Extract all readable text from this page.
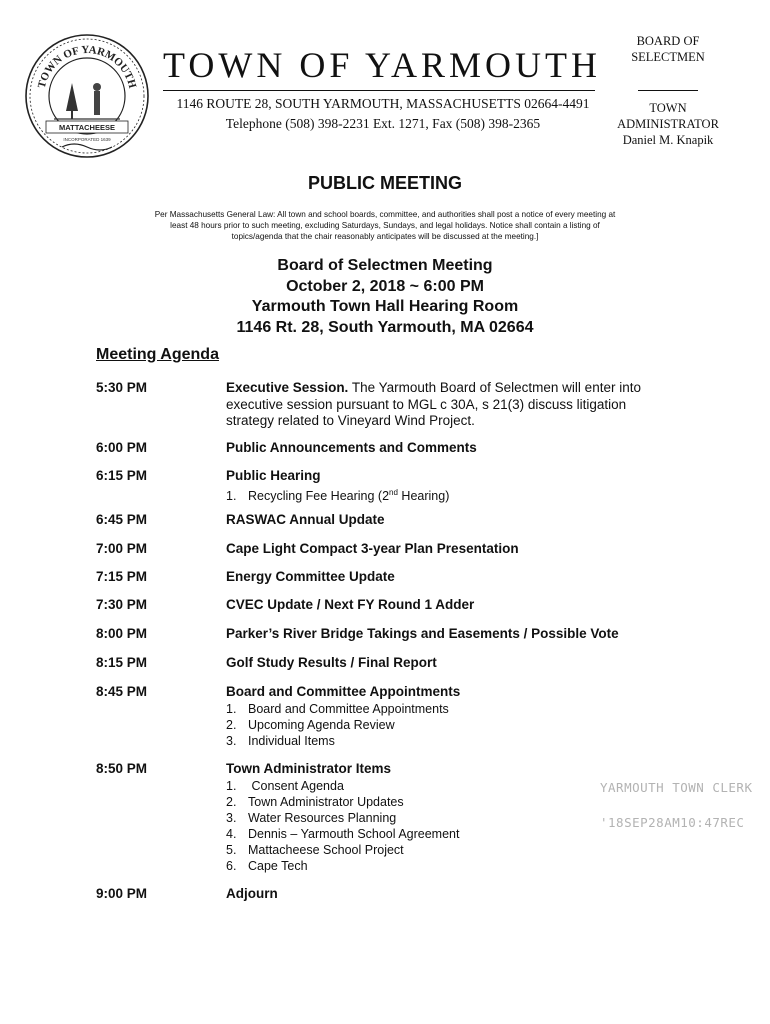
TOWN OF YARMOUTH
MATTACHEESE
INCORPORATED 1639
TOWN OF YARMOUTH
1146 ROUTE 28, SOUTH YARMOUTH, MASSACHUSETTS 02664-4491
Telephone (508) 398-2231 Ext. 1271, Fax (508) 398-2365
BOARD OF
SELECTMEN
TOWN
ADMINISTRATOR
Daniel M. Knapik
PUBLIC MEETING
Per Massachusetts General Law: All town and school boards, committee, and authorities shall post a notice of every meeting at
least 48 hours prior to such meeting, excluding Saturdays, Sundays, and legal holidays. Notice shall contain a listing of
topics/agenda that the chair reasonably anticipates will be discussed at the meeting.]
Board of Selectmen Meeting
October 2, 2018 ~ 6:00 PM
Yarmouth Town Hall Hearing Room
1146 Rt. 28, South Yarmouth, MA 02664
Meeting Agenda
5:30 PM	Executive Session. The Yarmouth Board of Selectmen will enter into
executive session pursuant to MGL c 30A, s 21(3) discuss litigation
strategy related to Vineyard Wind Project.
6:00 PM	Public Announcements and Comments
6:15 PM	Public Hearing
1. Recycling Fee Hearing (2nd Hearing)
6:45 PM	RASWAC Annual Update
7:00 PM	Cape Light Compact 3-year Plan Presentation
7:15 PM	Energy Committee Update
7:30 PM	CVEC Update / Next FY Round 1 Adder
8:00 PM	Parker’s River Bridge Takings and Easements / Possible Vote
8:15 PM	Golf Study Results / Final Report
8:45 PM	Board and Committee Appointments
1. Board and Committee Appointments
2. Upcoming Agenda Review
3. Individual Items
8:50 PM	Town Administrator Items
1. Consent Agenda
2. Town Administrator Updates
3. Water Resources Planning
4. Dennis – Yarmouth School Agreement
5. Mattacheese School Project
6. Cape Tech
9:00 PM	Adjourn
YARMOUTH TOWN CLERK
'18SEP28AM10:47REC
